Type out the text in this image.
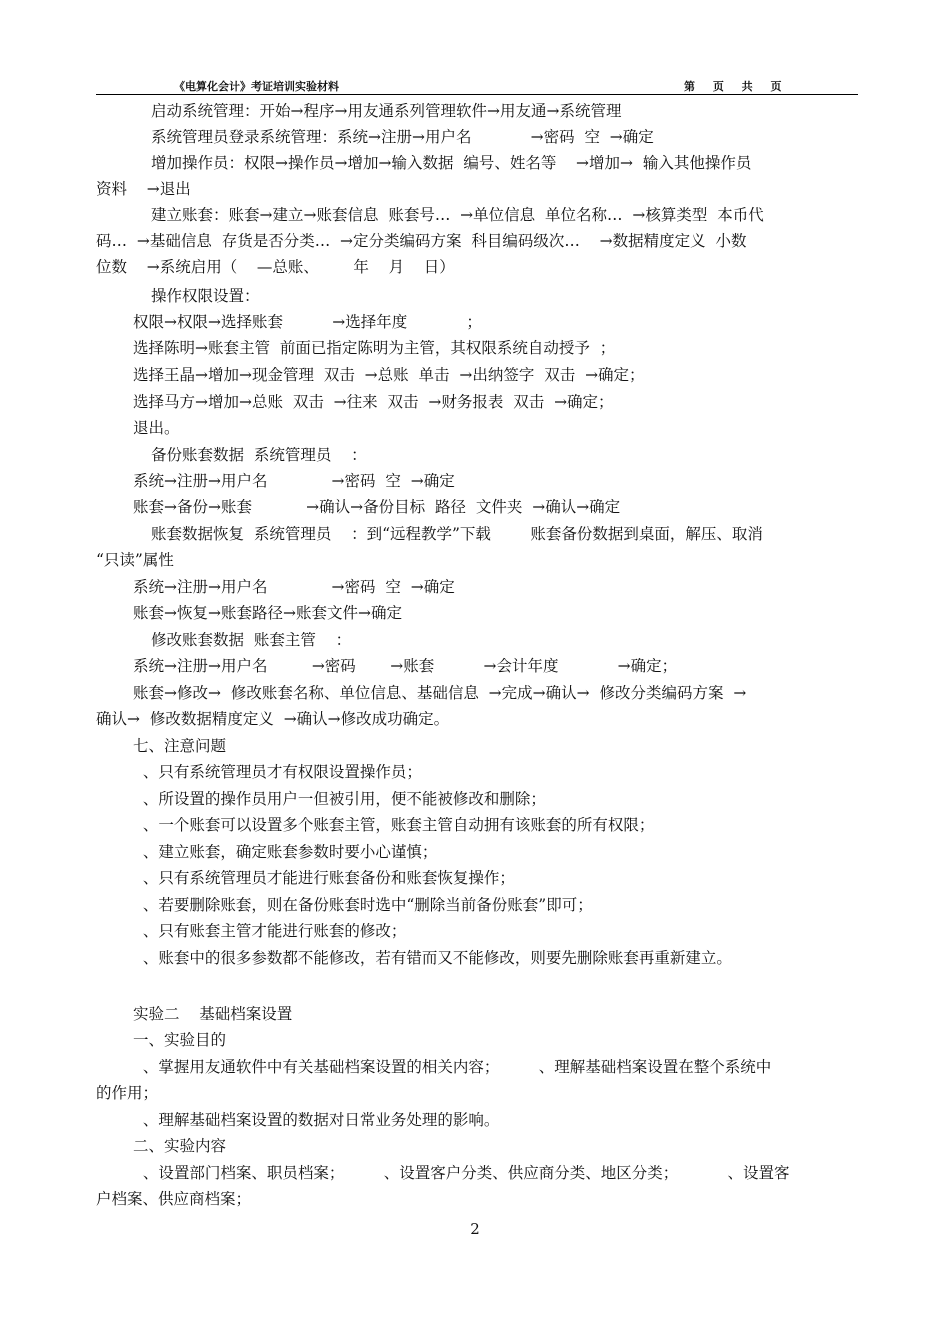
《电算化会计》考证培训实验材料	第 页 共 页
启动系统管理：开始→程序→用友通系列管理软件→用友通→系统管理
系统管理员登录系统管理：系统→注册→用户名            →密码  空  →确定
增加操作员：权限→操作员→增加→输入数据  编号、姓名等    →增加→  输入其他操作员
资料    →退出
建立账套：账套→建立→账套信息  账套号…  →单位信息  单位名称…  →核算类型  本币代
码…  →基础信息  存货是否分类…  →定分类编码方案  科目编码级次…    →数据精度定义  小数
位数    →系统启用（    —总账、       年    月    日）
操作权限设置：
权限→权限→选择账套          →选择年度            ；
选择陈明→账套主管  前面已指定陈明为主管，其权限系统自动授予  ；
选择王晶→增加→现金管理  双击  →总账  单击  →出纳签字  双击  →确定；
选择马方→增加→总账  双击  →往来  双击  →财务报表  双击  →确定；
退出。
备份账套数据  系统管理员    ：
系统→注册→用户名             →密码  空  →确定
账套→备份→账套           →确认→备份目标  路径  文件夹  →确认→确定
账套数据恢复  系统管理员    ：到“远程教学”下载        账套备份数据到桌面，解压、取消
“只读”属性
系统→注册→用户名             →密码  空  →确定
账套→恢复→账套路径→账套文件→确定
修改账套数据  账套主管    ：
系统→注册→用户名         →密码       →账套          →会计年度            →确定；
账套→修改→  修改账套名称、单位信息、基础信息  →完成→确认→  修改分类编码方案  →
确认→  修改数据精度定义  →确认→修改成功确定。
七、注意问题
、只有系统管理员才有权限设置操作员；
、所设置的操作员用户一但被引用，便不能被修改和删除；
、一个账套可以设置多个账套主管，账套主管自动拥有该账套的所有权限；
、建立账套，确定账套参数时要小心谨慎；
、只有系统管理员才能进行账套备份和账套恢复操作；
、若要删除账套，则在备份账套时选中“删除当前备份账套”即可；
、只有账套主管才能进行账套的修改；
、账套中的很多参数都不能修改，若有错而又不能修改，则要先删除账套再重新建立。
实验二    基础档案设置
一、实验目的
、掌握用友通软件中有关基础档案设置的相关内容；        、理解基础档案设置在整个系统中
的作用；
、理解基础档案设置的数据对日常业务处理的影响。
二、实验内容
、设置部门档案、职员档案；        、设置客户分类、供应商分类、地区分类；          、设置客
户档案、供应商档案；
2
